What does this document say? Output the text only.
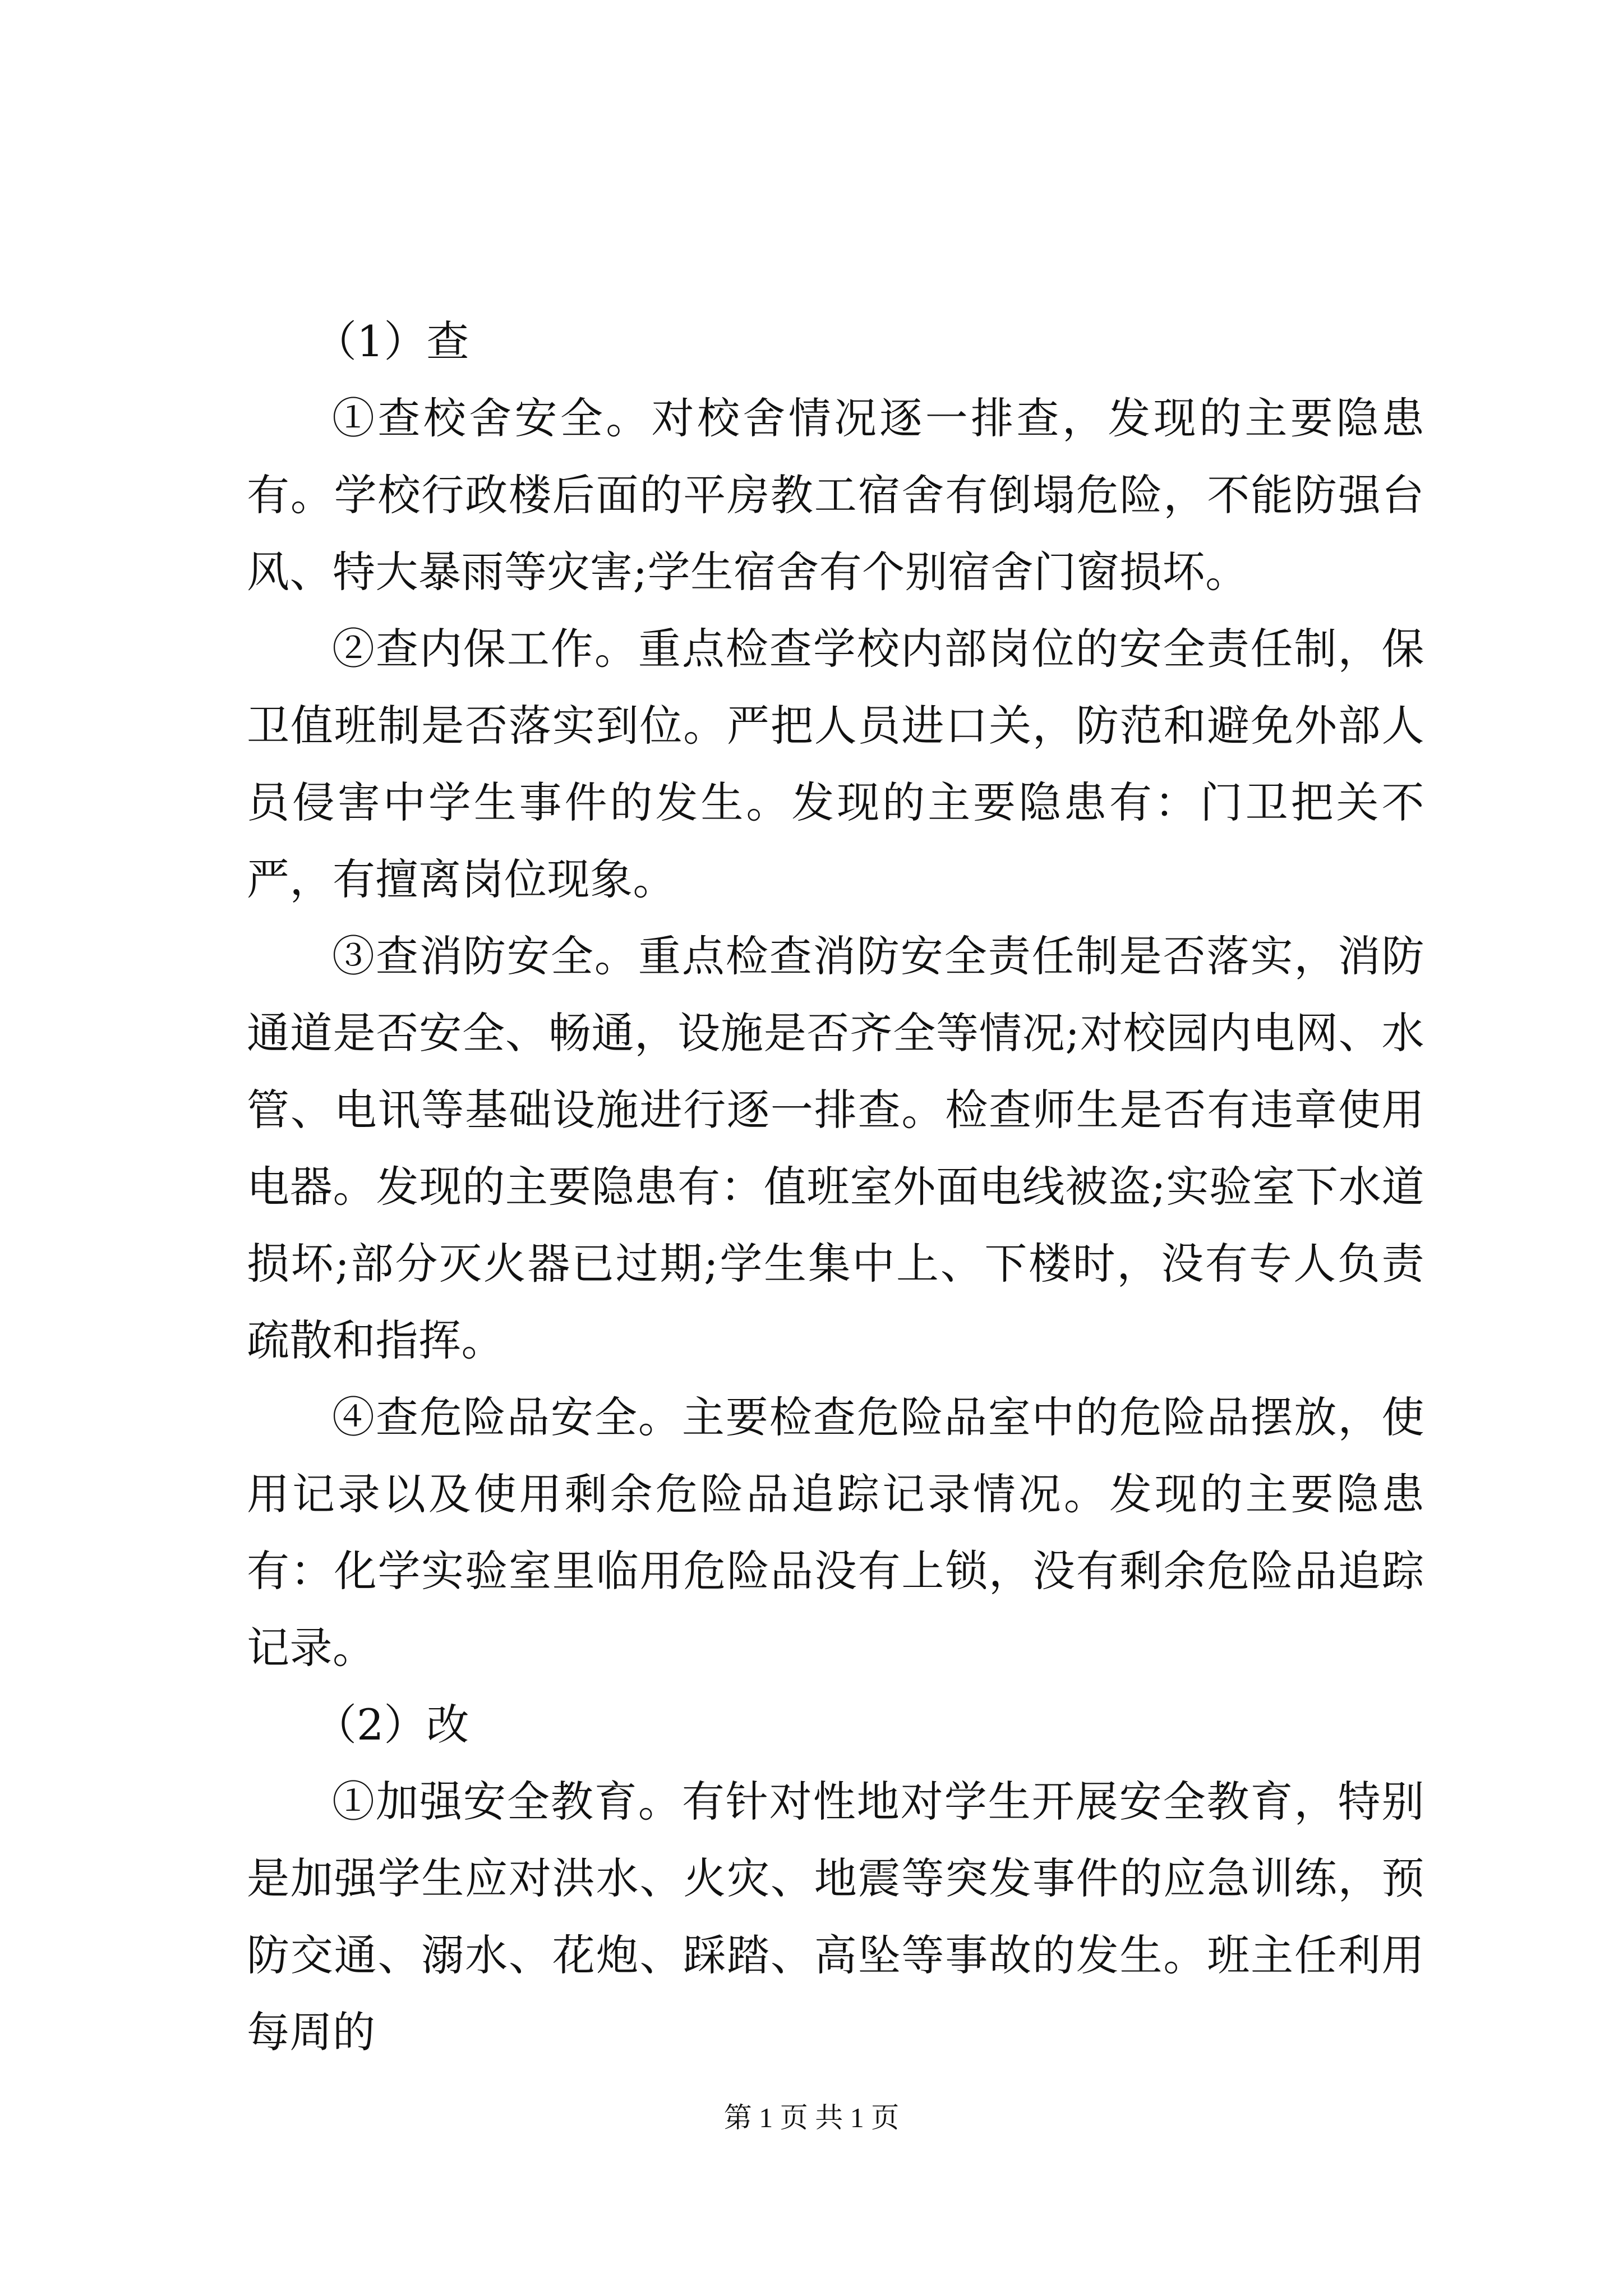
（1）查

①查校舍安全。对校舍情况逐一排查，发现的主要隐患有。学校行政楼后面的平房教工宿舍有倒塌危险，不能防强台风、特大暴雨等灾害;学生宿舍有个别宿舍门窗损坏。

②查内保工作。重点检查学校内部岗位的安全责任制，保卫值班制是否落实到位。严把人员进口关，防范和避免外部人员侵害中学生事件的发生。发现的主要隐患有：门卫把关不严，有擅离岗位现象。

③查消防安全。重点检查消防安全责任制是否落实，消防通道是否安全、畅通，设施是否齐全等情况;对校园内电网、水管、电讯等基础设施进行逐一排查。检查师生是否有违章使用电器。发现的主要隐患有：值班室外面电线被盗;实验室下水道损坏;部分灭火器已过期;学生集中上、下楼时，没有专人负责疏散和指挥。

④查危险品安全。主要检查危险品室中的危险品摆放，使用记录以及使用剩余危险品追踪记录情况。发现的主要隐患有：化学实验室里临用危险品没有上锁，没有剩余危险品追踪记录。

（2）改

①加强安全教育。有针对性地对学生开展安全教育，特别是加强学生应对洪水、火灾、地震等突发事件的应急训练，预防交通、溺水、花炮、踩踏、高坠等事故的发生。班主任利用每周的

第 1 页 共 1 页
